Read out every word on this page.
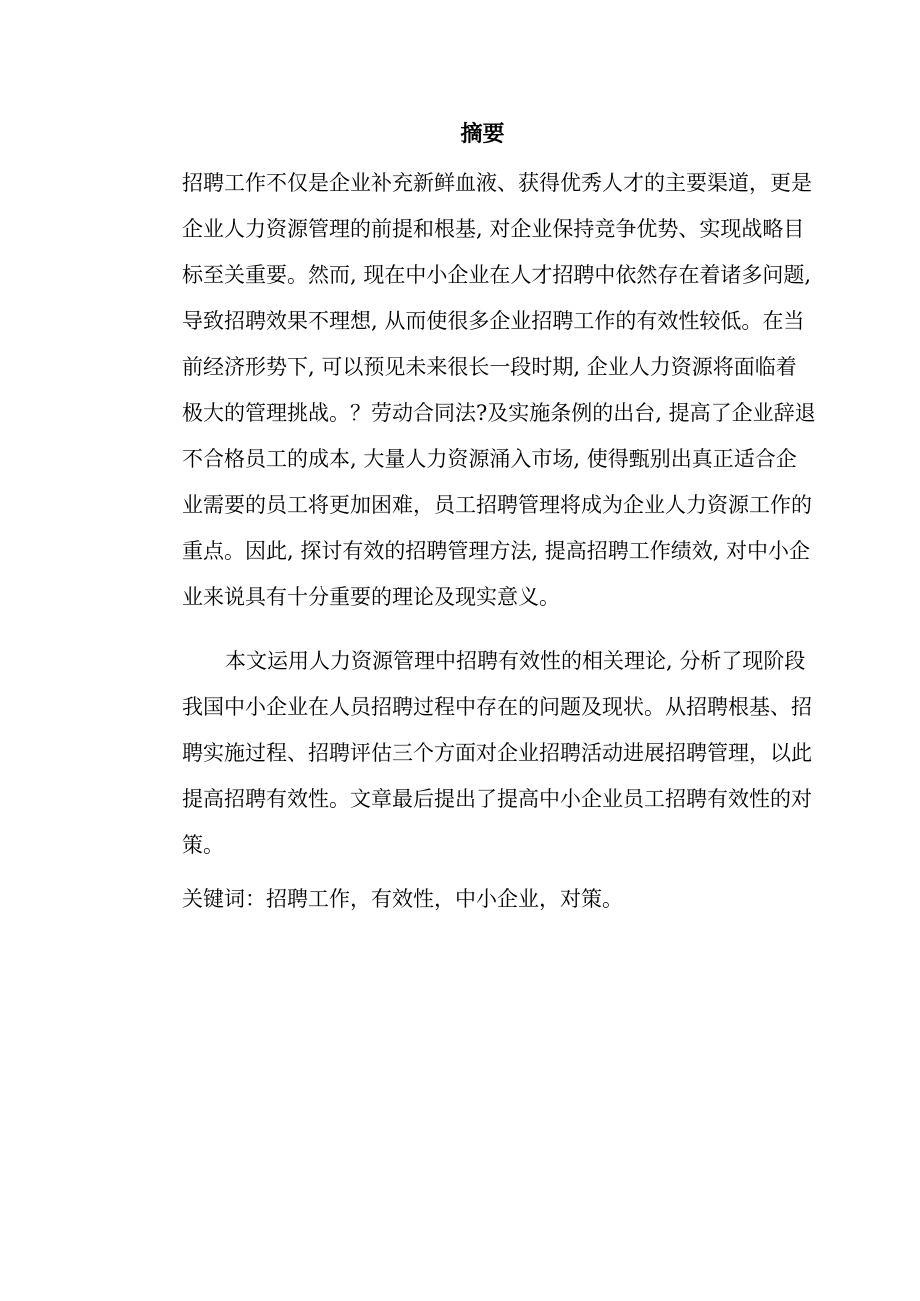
摘要

招聘工作不仅是企业补充新鲜血液、获得优秀人才的主要渠道，更是

企业人力资源管理的前提和根基, 对企业保持竞争优势、实现战略目

标至关重要。然而, 现在中小企业在人才招聘中依然存在着诸多问题,

导致招聘效果不理想, 从而使很多企业招聘工作的有效性较低。在当

前经济形势下, 可以预见未来很长一段时期, 企业人力资源将面临着

极大的管理挑战。？劳动合同法?及实施条例的出台, 提高了企业辞退

不合格员工的成本, 大量人力资源涌入市场, 使得甄别出真正适合企

业需要的员工将更加困难，员工招聘管理将成为企业人力资源工作的

重点。因此, 探讨有效的招聘管理方法, 提高招聘工作绩效, 对中小企

业来说具有十分重要的理论及现实意义。

本文运用人力资源管理中招聘有效性的相关理论, 分析了现阶段

我国中小企业在人员招聘过程中存在的问题及现状。从招聘根基、招

聘实施过程、招聘评估三个方面对企业招聘活动进展招聘管理，以此

提高招聘有效性。文章最后提出了提高中小企业员工招聘有效性的对

策。

关键词：招聘工作，有效性，中小企业，对策。
